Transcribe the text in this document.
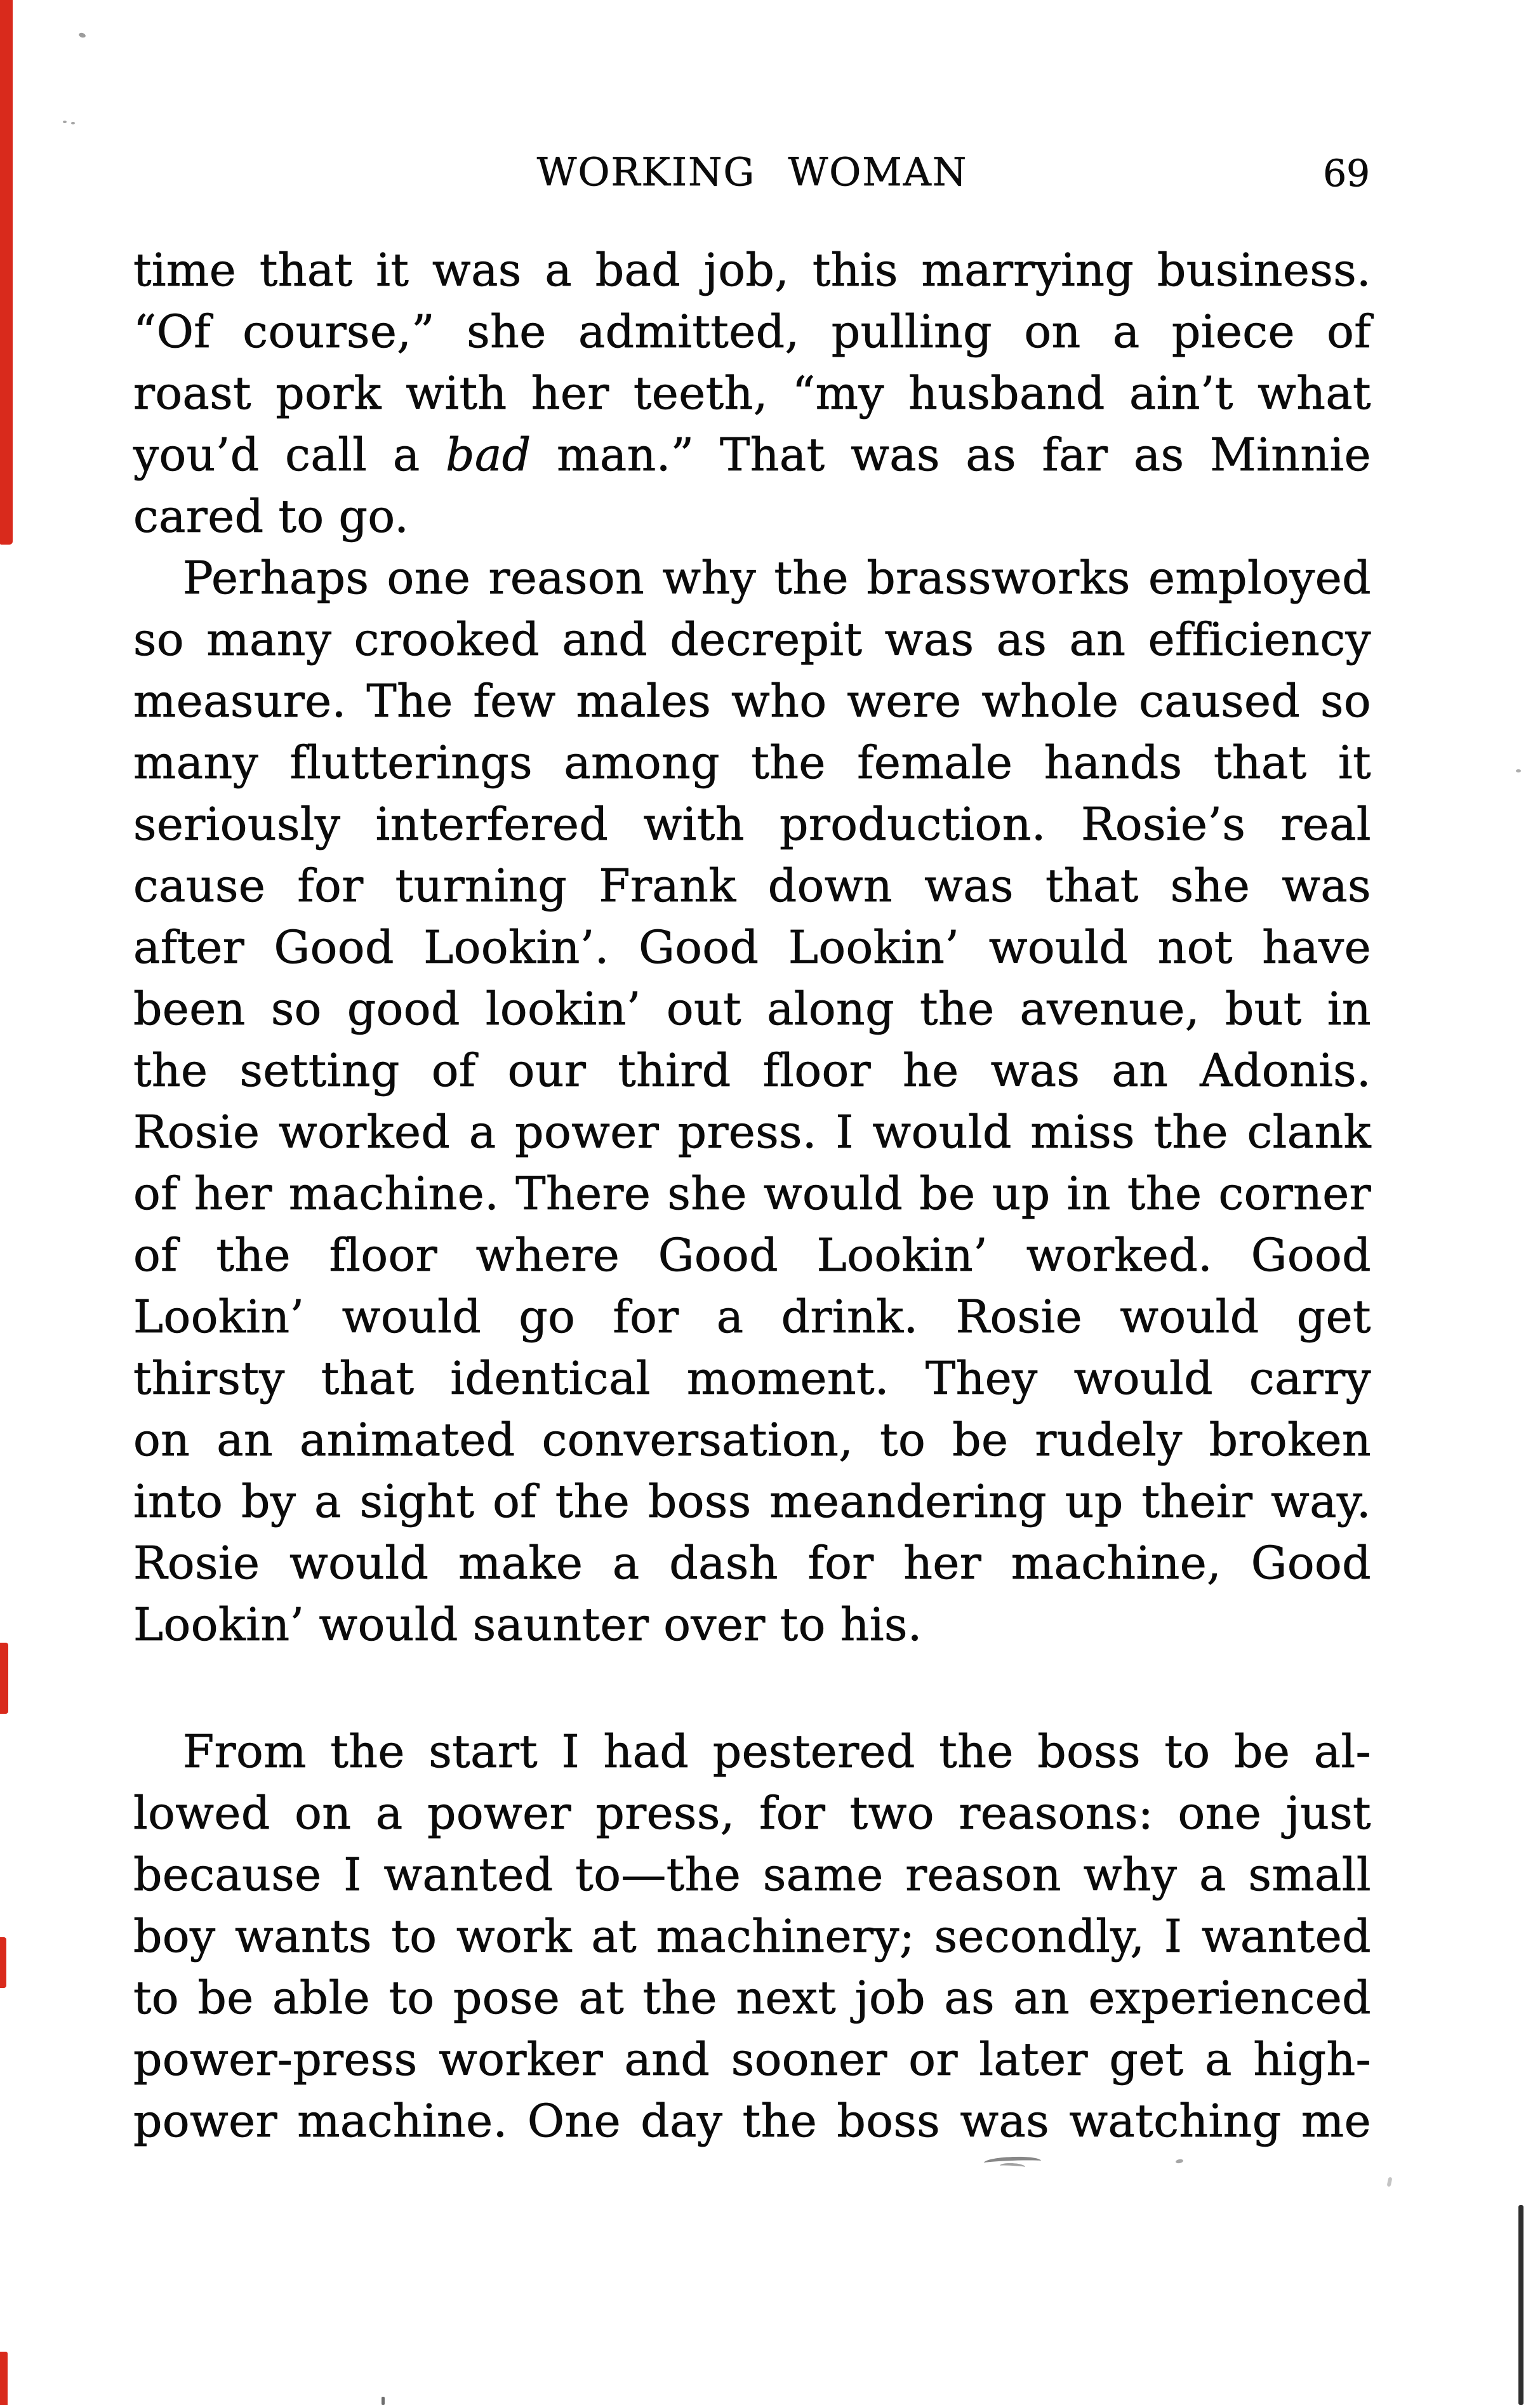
WORKING WOMAN	69
time that it was a bad job, this marrying business.
“Of course,” she admitted, pulling on a piece of
roast pork with her teeth, “my husband ain’t what
you’d call a bad man.” That was as far as Minnie
cared to go.
Perhaps one reason why the brassworks employed
so many crooked and decrepit was as an efficiency
measure. The few males who were whole caused so
many flutterings among the female hands that it
seriously interfered with production. Rosie’s real
cause for turning Frank down was that she was
after Good Lookin’. Good Lookin’ would not have
been so good lookin’ out along the avenue, but in
the setting of our third floor he was an Adonis.
Rosie worked a power press. I would miss the clank
of her machine. There she would be up in the corner
of the floor where Good Lookin’ worked. Good
Lookin’ would go for a drink. Rosie would get
thirsty that identical moment. They would carry
on an animated conversation, to be rudely broken
into by a sight of the boss meandering up their way.
Rosie would make a dash for her machine, Good
Lookin’ would saunter over to his.
From the start I had pestered the boss to be al-
lowed on a power press, for two reasons: one just
because I wanted to—the same reason why a small
boy wants to work at machinery; secondly, I wanted
to be able to pose at the next job as an experienced
power-press worker and sooner or later get a high-
power machine. One day the boss was watching me
